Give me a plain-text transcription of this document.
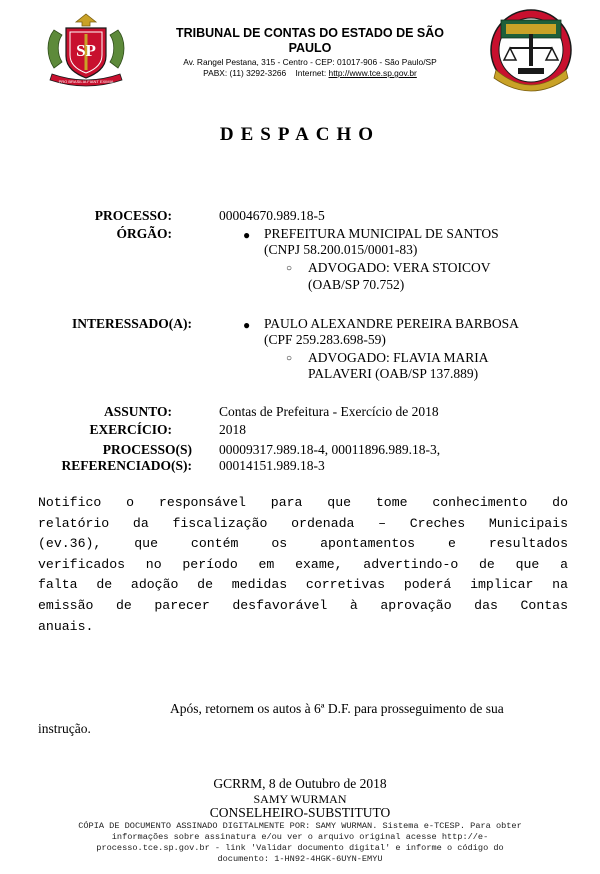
SP
PRO BRASILIA FIANT EXIMIA
TRIBUNAL DE CONTAS DO ESTADO DE SÃO
PAULO
Av. Rangel Pestana, 315 - Centro - CEP: 01017-906 - São Paulo/SP
PABX: (11) 3292-3266 Internet: http://www.tce.sp.gov.br
DESPACHO
PROCESSO:	00004670.989.18-5
ÓRGÃO:	● PREFEITURA MUNICIPAL DE SANTOS
(CNPJ 58.200.015/0001-83)
○ ADVOGADO: VERA STOICOV
(OAB/SP 70.752)
INTERESSADO(A):	● PAULO ALEXANDRE PEREIRA BARBOSA
(CPF 259.283.698-59)
○ ADVOGADO: FLAVIA MARIA
PALAVERI (OAB/SP 137.889)
ASSUNTO:	Contas de Prefeitura - Exercício de 2018
EXERCÍCIO:	2018
PROCESSO(S)
REFERENCIADO(S):
00009317.989.18-4, 00011896.989.18-3,
00014151.989.18-3
Notifico o responsável para que tome conhecimento do
relatório da fiscalização ordenada – Creches Municipais
(ev.36), que contém os apontamentos e resultados
verificados no período em exame, advertindo-o de que a
falta de adoção de medidas corretivas poderá implicar na
emissão de parecer desfavorável à aprovação das Contas
anuais.
Após, retornem os autos à 6ª D.F. para prosseguimento de sua
instrução.
GCRRM, 8 de Outubro de 2018
SAMY WURMAN
CONSELHEIRO-SUBSTITUTO
CÓPIA DE DOCUMENTO ASSINADO DIGITALMENTE POR: SAMY WURMAN. Sistema e-TCESP. Para obter
informações sobre assinatura e/ou ver o arquivo original acesse http://e-
processo.tce.sp.gov.br - link 'Validar documento digital' e informe o código do
documento: 1-HN92-4HGK-6UYN-EMYU
